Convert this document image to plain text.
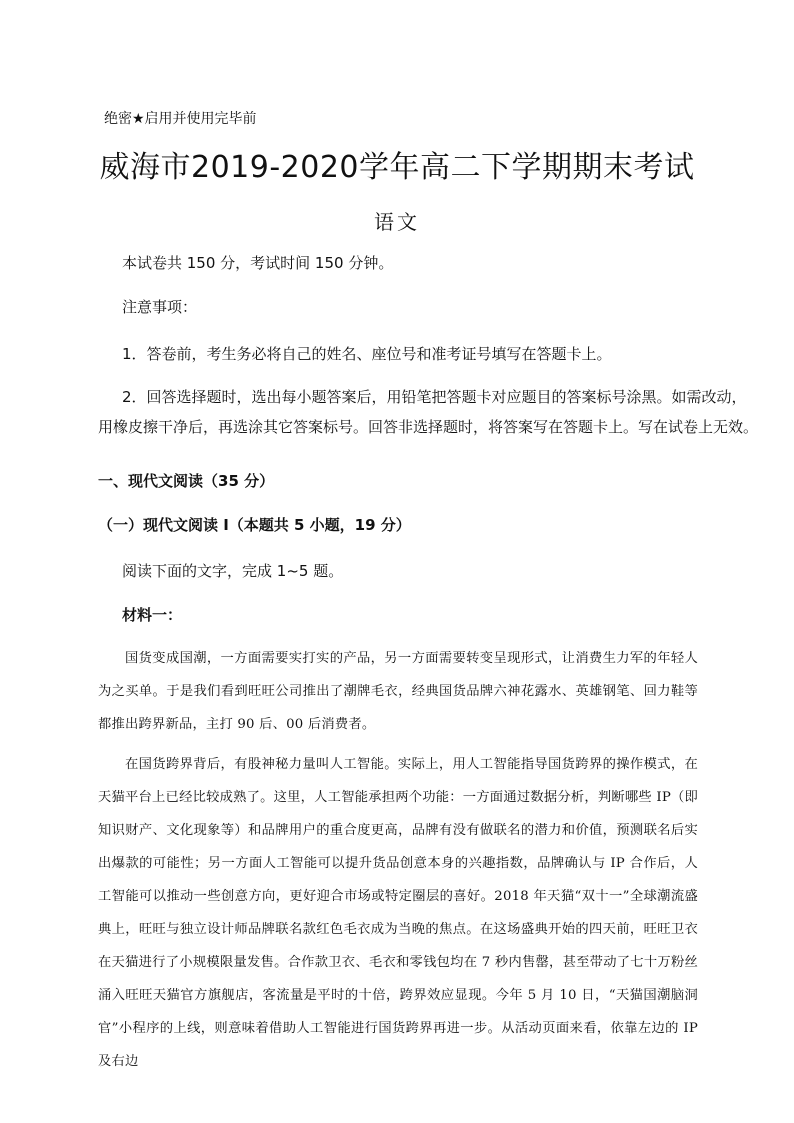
绝密★启用并使用完毕前
威海市2019-2020学年高二下学期期末考试
语文
本试卷共 150 分，考试时间 150 分钟。
注意事项：
1．答卷前，考生务必将自己的姓名、座位号和准考证号填写在答题卡上。
2．回答选择题时，选出每小题答案后，用铅笔把答题卡对应题目的答案标号涂黑。如需改动，
用橡皮擦干净后，再选涂其它答案标号。回答非选择题时，将答案写在答题卡上。写在试卷上无效。
一、现代文阅读（35 分）
（一）现代文阅读 I（本题共 5 小题，19 分）
阅读下面的文字，完成 1~5 题。
材料一：
国货变成国潮，一方面需要实打实的产品，另一方面需要转变呈现形式，让消费生力军的年轻人为之买单。于是我们看到旺旺公司推出了潮牌毛衣，经典国货品牌六神花露水、英雄钢笔、回力鞋等都推出跨界新品，主打 90 后、00 后消费者。
在国货跨界背后，有股神秘力量叫人工智能。实际上，用人工智能指导国货跨界的操作模式，在天猫平台上已经比较成熟了。这里，人工智能承担两个功能：一方面通过数据分析，判断哪些 IP（即知识财产、文化现象等）和品牌用户的重合度更高，品牌有没有做联名的潜力和价值，预测联名后实出爆款的可能性；另一方面人工智能可以提升货品创意本身的兴趣指数，品牌确认与 IP 合作后，人工智能可以推动一些创意方向，更好迎合市场或特定圈层的喜好。2018 年天猫“双十一”全球潮流盛典上，旺旺与独立设计师品牌联名款红色毛衣成为当晚的焦点。在这场盛典开始的四天前，旺旺卫衣在天猫进行了小规模限量发售。合作款卫衣、毛衣和零钱包均在 7 秒内售罄，甚至带动了七十万粉丝涌入旺旺天猫官方旗舰店，客流量是平时的十倍，跨界效应显现。今年 5 月 10 日，“天猫国潮脑洞官”小程序的上线，则意味着借助人工智能进行国货跨界再进一步。从活动页面来看，依靠左边的 IP 及右边
